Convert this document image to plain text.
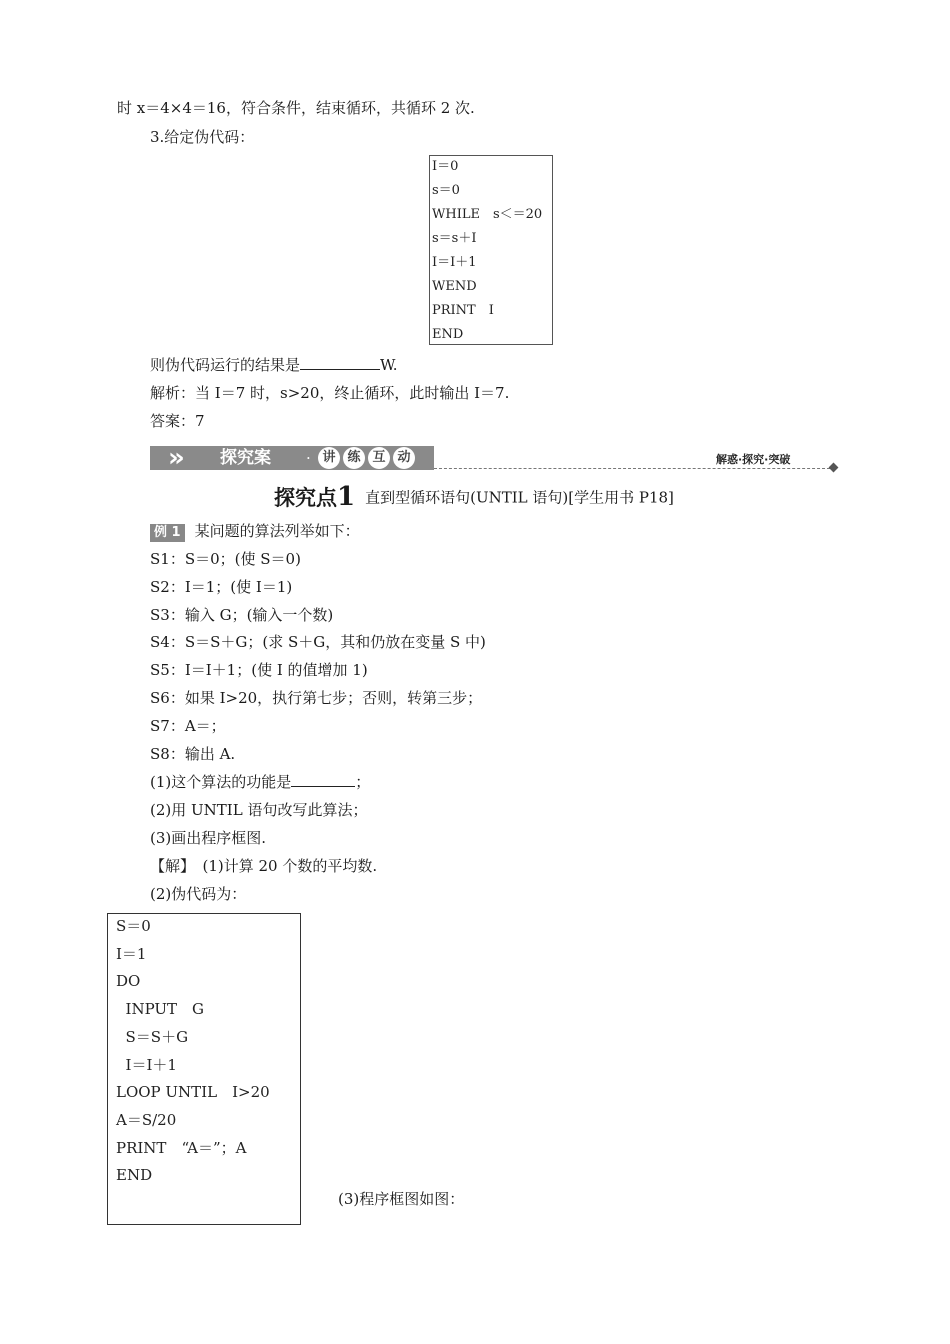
时 x＝4×4＝16，符合条件，结束循环，共循环 2 次.
3.给定伪代码：
I＝0
s＝0
WHILE　s＜＝20
s＝s＋I
I＝I＋1
WEND
PRINT　I
END
则伪代码运行的结果是	W.
解析：当 I＝7 时，s>20，终止循环，此时输出 I＝7.
答案：7
» 探究案 · 讲 练 互 动	解惑·探究·突破
探究点1 直到型循环语句(UNTIL 语句)[学生用书 P18]
例 1 某问题的算法列举如下：
S1：S＝0；(使 S＝0)
S2：I＝1；(使 I＝1)
S3：输入 G；(输入一个数)
S4：S＝S＋G；(求 S＋G，其和仍放在变量 S 中)
S5：I＝I＋1；(使 I 的值增加 1)
S6：如果 I>20，执行第七步；否则，转第三步；
S7：A＝；
S8：输出 A.
(1)这个算法的功能是	；
(2)用 UNTIL 语句改写此算法；
(3)画出程序框图.
【解】　(1)计算 20 个数的平均数.
(2)伪代码为：
S＝0
I＝1
DO
INPUT　G
S＝S＋G
I＝I＋1
LOOP UNTIL　I>20
A＝S/20
PRINT　“A＝”；A
END
(3)程序框图如图：
